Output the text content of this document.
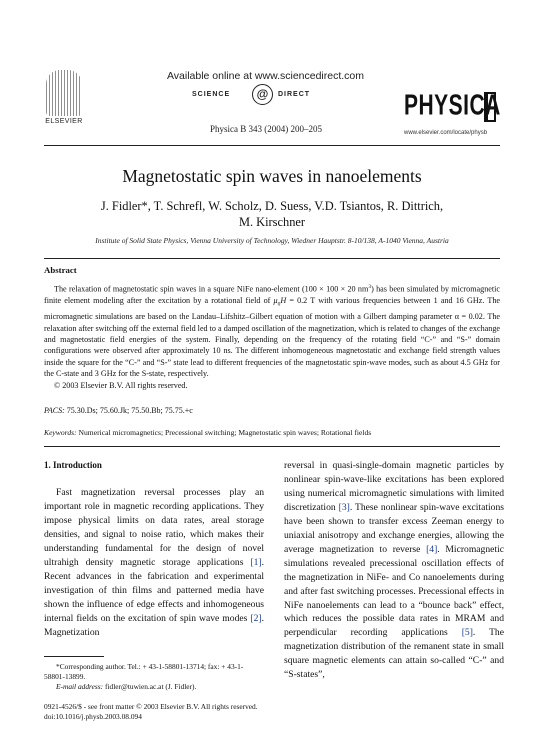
ELSEVIER
Available online at www.sciencedirect.com
SCIENCE	@	DIRECT
Physica B 343 (2004) 200–205
PHYSICA
www.elsevier.com/locate/physb
Magnetostatic spin waves in nanoelements
J. Fidler*, T. Schrefl, W. Scholz, D. Suess, V.D. Tsiantos, R. Dittrich,
M. Kirschner
Institute of Solid State Physics, Vienna University of Technology, Wiedner Hauptstr. 8-10/138, A-1040 Vienna, Austria
Abstract

The relaxation of magnetostatic spin waves in a square NiFe nano-element (100 × 100 × 20 $nm^3$) has been simulated by micromagnetic finite element modeling after the excitation by a rotational field of $\mu_0H = 0.2$ T with various frequencies between 1 and 16 GHz. The micromagnetic simulations are based on the Landau–Lifshitz–Gilbert equation of motion with a Gilbert damping parameter α = 0.02. The relaxation after switching off the external field led to a damped oscillation of the magnetization, which is related to changes of the exchange and magnetostatic field energies of the system. Finally, depending on the frequency of the rotating field “C-” and “S-” domain configurations were observed after approximately 10 ns. The different inhomogeneous magnetostatic and exchange field strength values inside the square for the “C-” and “S-” state lead to different frequencies of the magnetostatic spin-wave modes, such as about 4.5 GHz for the C-state and 3 GHz for the S-state, respectively.

© 2003 Elsevier B.V. All rights reserved.

PACS: 75.30.Ds; 75.60.Jk; 75.50.Bb; 75.75.+c
Keywords: Numerical micromagnetics; Precessional switching; Magnetostatic spin waves; Rotational fields
1. Introduction

Fast magnetization reversal processes play an important role in magnetic recording applications. They impose physical limits on data rates, areal storage densities, and signal to noise ratio, which makes their understanding fundamental for the design of novel ultrahigh density magnetic storage applications [1]. Recent advances in the fabrication and experimental investigation of thin films and patterned media have shown the influence of edge effects and inhomogeneous internal fields on the excitation of spin wave modes [2]. Magnetization

reversal in quasi-single-domain magnetic particles by nonlinear spin-wave-like excitations has been explored using numerical micromagnetic simulations with limited discretization [3]. These nonlinear spin-wave excitations have been shown to transfer excess Zeeman energy to uniaxial anisotropy and exchange energies, allowing the average magnetization to reverse [4]. Micromagnetic simulations revealed precessional oscillation effects of the magnetization in NiFe- and Co nanoelements during and after fast switching processes. Precessional effects in NiFe nanoelements can lead to a “bounce back” effect, which reduces the possible data rates in MRAM and perpendicular recording applications [5]. The magnetization distribution of the remanent state in small square magnetic elements can attain so-called “C-” and “S-states”,

*Corresponding author. Tel.: + 43-1-58801-13714; fax: + 43-1-58801-13899.

E-mail address: fidler@tuwien.ac.at (J. Fidler).

0921-4526/$ - see front matter © 2003 Elsevier B.V. All rights reserved.

doi:10.1016/j.physb.2003.08.094
